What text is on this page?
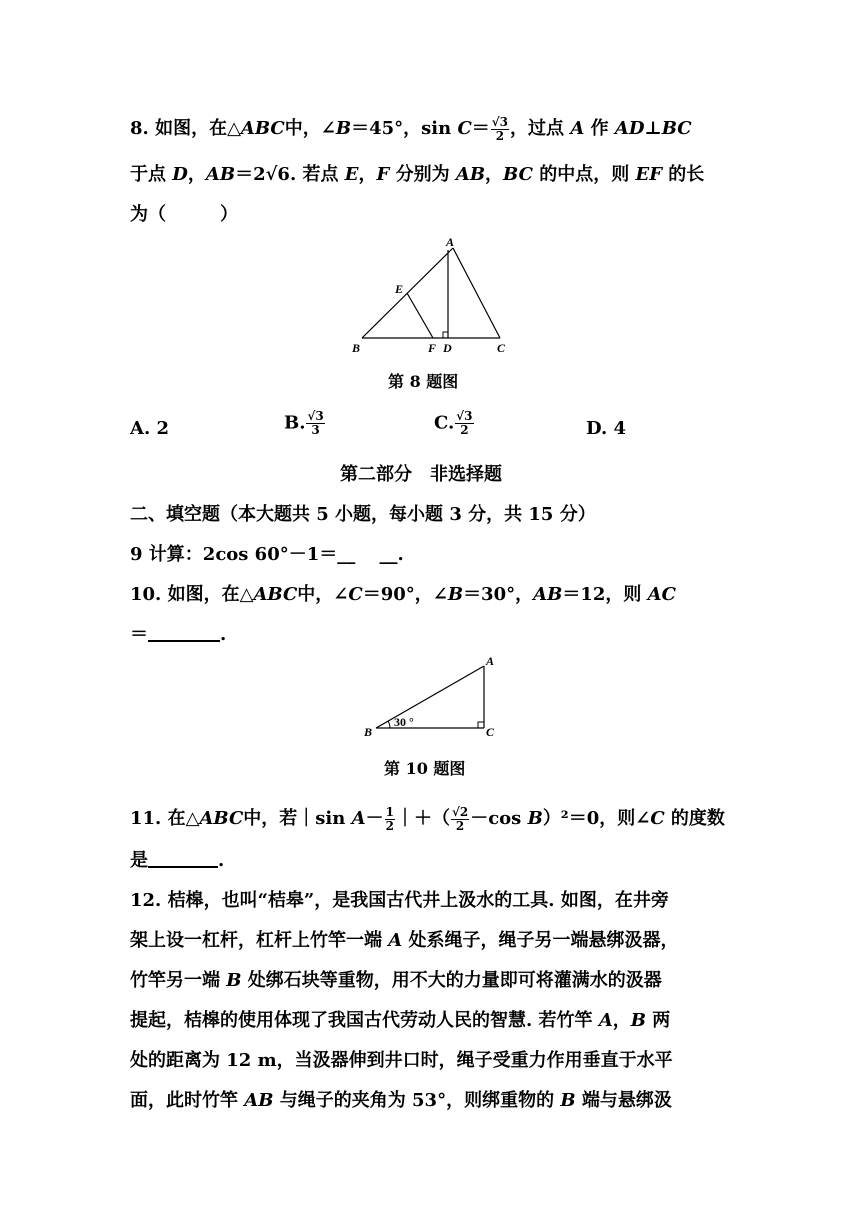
8. 如图，在△ABC中，∠B＝45°，$\sin C= \frac{√3}{2}$ ，过点 A 作 AD⊥BC
于点 D，AB＝2√6. 若点 E，F 分别为 AB，BC 的中点，则 EF 的长
为（　　　）
A
E
B	F D	C
第 8 题图
A. 2	B. $\frac{√3}{3}$	C. $\frac{√3}{2}$	D. 4
第二部分　非选择题
二、填空题（本大题共 5 小题，每小题 3 分，共 15 分）
9 计算：2cos 60°－1＝__　 __.
10. 如图，在△ABC中，∠C＝90°，∠B＝30°，AB＝12，则 AC
＝	.
30 °
A
B	C
第 10 题图
11. 在△ABC中，若｜sin $A- \frac{1}{2}$ ｜＋（ $\frac{√2}{2} -\cos$ B）²＝0，则∠C 的度数
是	.
12. 桔槔，也叫“桔皋”，是我国古代井上汲水的工具. 如图，在井旁
架上设一杠杆，杠杆上竹竿一端 A 处系绳子，绳子另一端悬绑汲器，
竹竿另一端 B 处绑石块等重物，用不大的力量即可将灌满水的汲器
提起，桔槔的使用体现了我国古代劳动人民的智慧. 若竹竿 A，B 两
处的距离为 12 m，当汲器伸到井口时，绳子受重力作用垂直于水平
面，此时竹竿 AB 与绳子的夹角为 53°，则绑重物的 B 端与悬绑汲
